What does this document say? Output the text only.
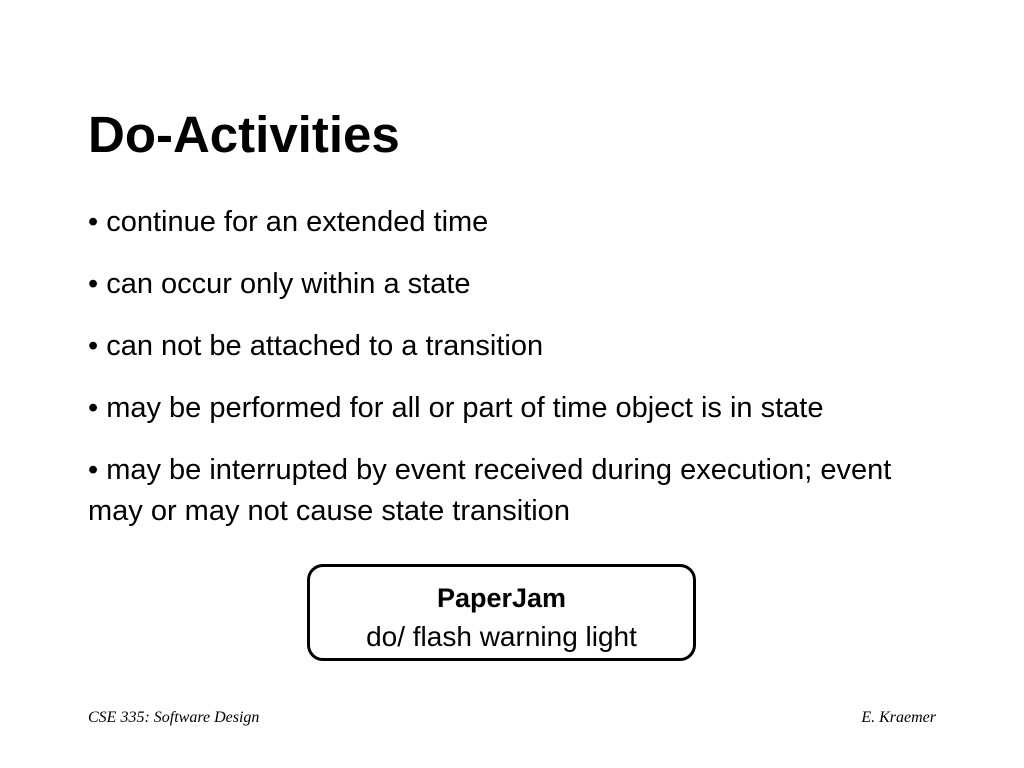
Do-Activities
• continue for an extended time
• can occur only within a state
• can not be attached to a transition
• may be performed for all or part of time object is in state
• may be interrupted by event received during execution; event may or may not cause state transition
PaperJam
do/ flash warning light
CSE 335: Software Design	E. Kraemer
